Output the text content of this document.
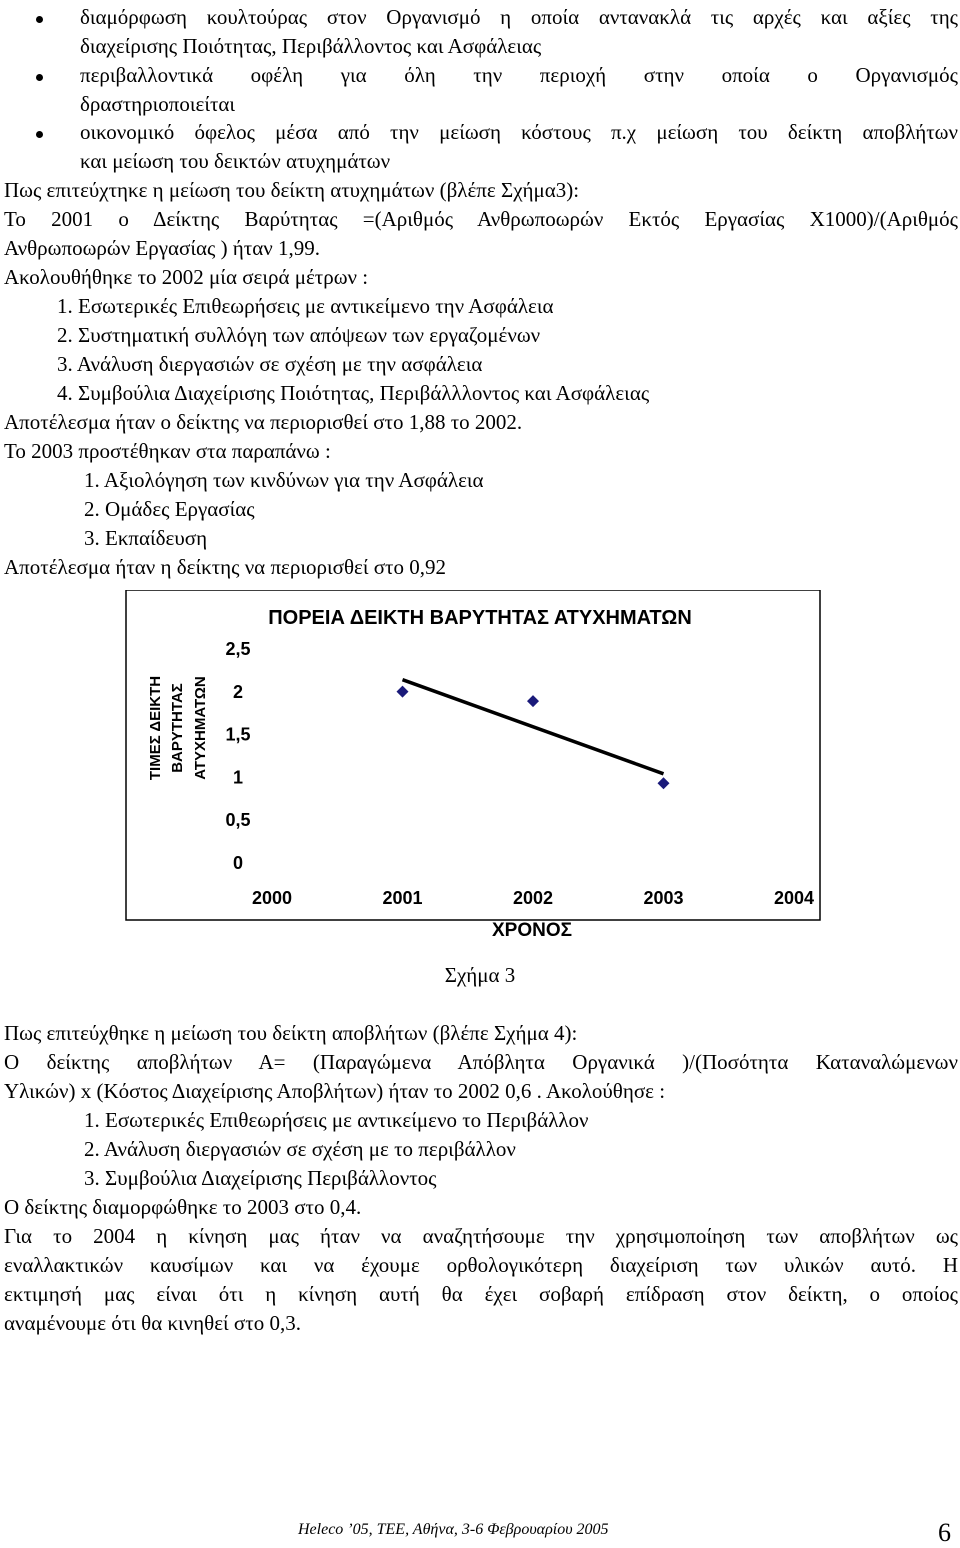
διαμόρφωση κουλτούρας στον Οργανισμό η οποία αντανακλά τις αρχές και αξίες της
διαχείρισης Ποιότητας, Περιβάλλοντος και Ασφάλειας
περιβαλλοντικά οφέλη για όλη την περιοχή στην οποία ο Οργανισμός
δραστηριοποιείται
οικονομικό όφελος μέσα από την μείωση κόστους π.χ μείωση του δείκτη αποβλήτων
και μείωση του δεικτών ατυχημάτων
Πως επιτεύχτηκε η μείωση του δείκτη ατυχημάτων (βλέπε Σχήμα3):
Το 2001 ο Δείκτης Βαρύτητας =(Αριθμός Ανθρωποωρών Εκτός Εργασίας Χ1000)/(Αριθμός
Ανθρωποωρών Εργασίας ) ήταν 1,99.
Ακολουθήθηκε το 2002 μία σειρά μέτρων :
1. Εσωτερικές Επιθεωρήσεις με αντικείμενο την Ασφάλεια
2. Συστηματική συλλόγη των απόψεων των εργαζομένων
3. Ανάλυση διεργασιών σε σχέση με την ασφάλεια
4. Συμβούλια Διαχείρισης Ποιότητας, Περιβάλλλοντος και Ασφάλειας
Αποτέλεσμα ήταν ο δείκτης να περιορισθεί στο 1,88 το 2002.
Το 2003 προστέθηκαν στα παραπάνω :
1. Αξιολόγηση των κινδύνων για την Ασφάλεια
2. Ομάδες Εργασίας
3. Εκπαίδευση
Αποτέλεσμα ήταν η δείκτης να περιορισθεί στο 0,92
ΠΟΡΕΙΑ ΔΕΙΚΤΗ ΒΑΡΥΤΗΤΑΣ ΑΤΥΧΗΜΑΤΩΝ
ΤΙΜΕΣ ΔΕΙΚΤΗ ΒΑΡΥΤΗΤΑΣ ΑΤΥΧΗΜΑΤΩΝ
0
0,5
1
1,5
2
2,5
2000	2001	2002	2003	2004
ΧΡΟΝΟΣ
Σχήμα 3
Πως επιτεύχθηκε η μείωση του δείκτη αποβλήτων (βλέπε Σχήμα 4):
Ο δείκτης αποβλήτων Α= (Παραγώμενα Απόβλητα Οργανικά )/(Ποσότητα Καταναλώμενων
Υλικών) x (Κόστος Διαχείρισης Αποβλήτων) ήταν το 2002 0,6 . Ακολούθησε :
1. Εσωτερικές Επιθεωρήσεις με αντικείμενο το Περιβάλλον
2. Ανάλυση διεργασιών σε σχέση με το περιβάλλον
3. Συμβούλια Διαχείρισης Περιβάλλοντος
Ο δείκτης διαμορφώθηκε το 2003 στο 0,4.
Για το 2004 η κίνηση μας ήταν να αναζητήσουμε την χρησιμοποίηση των αποβλήτων ως
εναλλακτικών καυσίμων και να έχουμε ορθολογικότερη διαχείριση των υλικών αυτό. Η
εκτιμησή μας είναι ότι η κίνηση αυτή θα έχει σοβαρή επίδραση στον δείκτη, ο οποίος
αναμένουμε ότι θα κινηθεί στο 0,3.
Heleco ’05, ΤΕΕ, Αθήνα, 3-6 Φεβρουαρίου 2005	6
